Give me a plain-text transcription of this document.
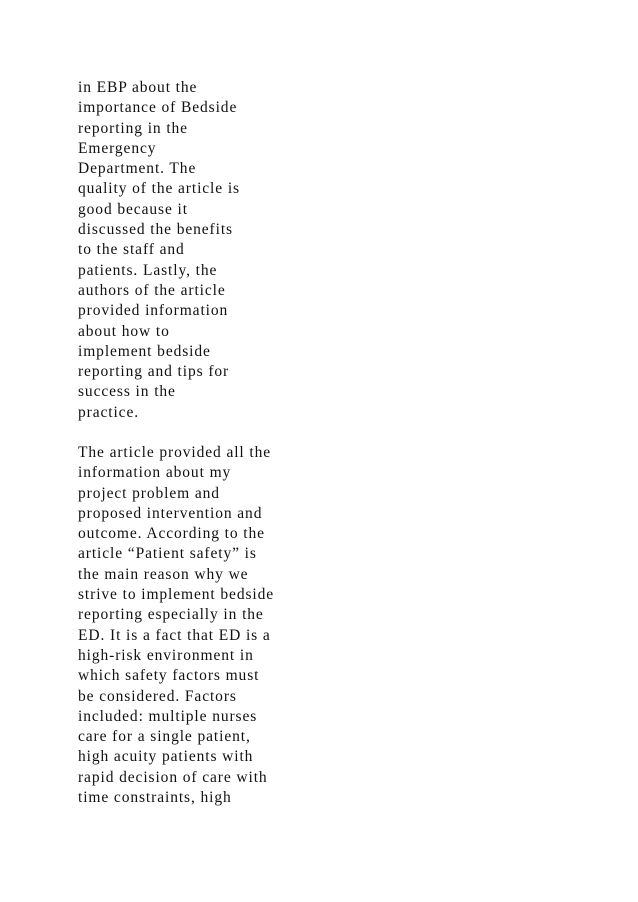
in EBP about the
importance of Bedside
reporting in the
Emergency
Department. The
quality of the article is
good because it
discussed the benefits
to the staff and
patients. Lastly, the
authors of the article
provided information
about how to
implement bedside
reporting and tips for
success in the
practice.
The article provided all the
information about my
project problem and
proposed intervention and
outcome. According to the
article “Patient safety” is
the main reason why we
strive to implement bedside
reporting especially in the
ED. It is a fact that ED is a
high-risk environment in
which safety factors must
be considered. Factors
included: multiple nurses
care for a single patient,
high acuity patients with
rapid decision of care with
time constraints, high
